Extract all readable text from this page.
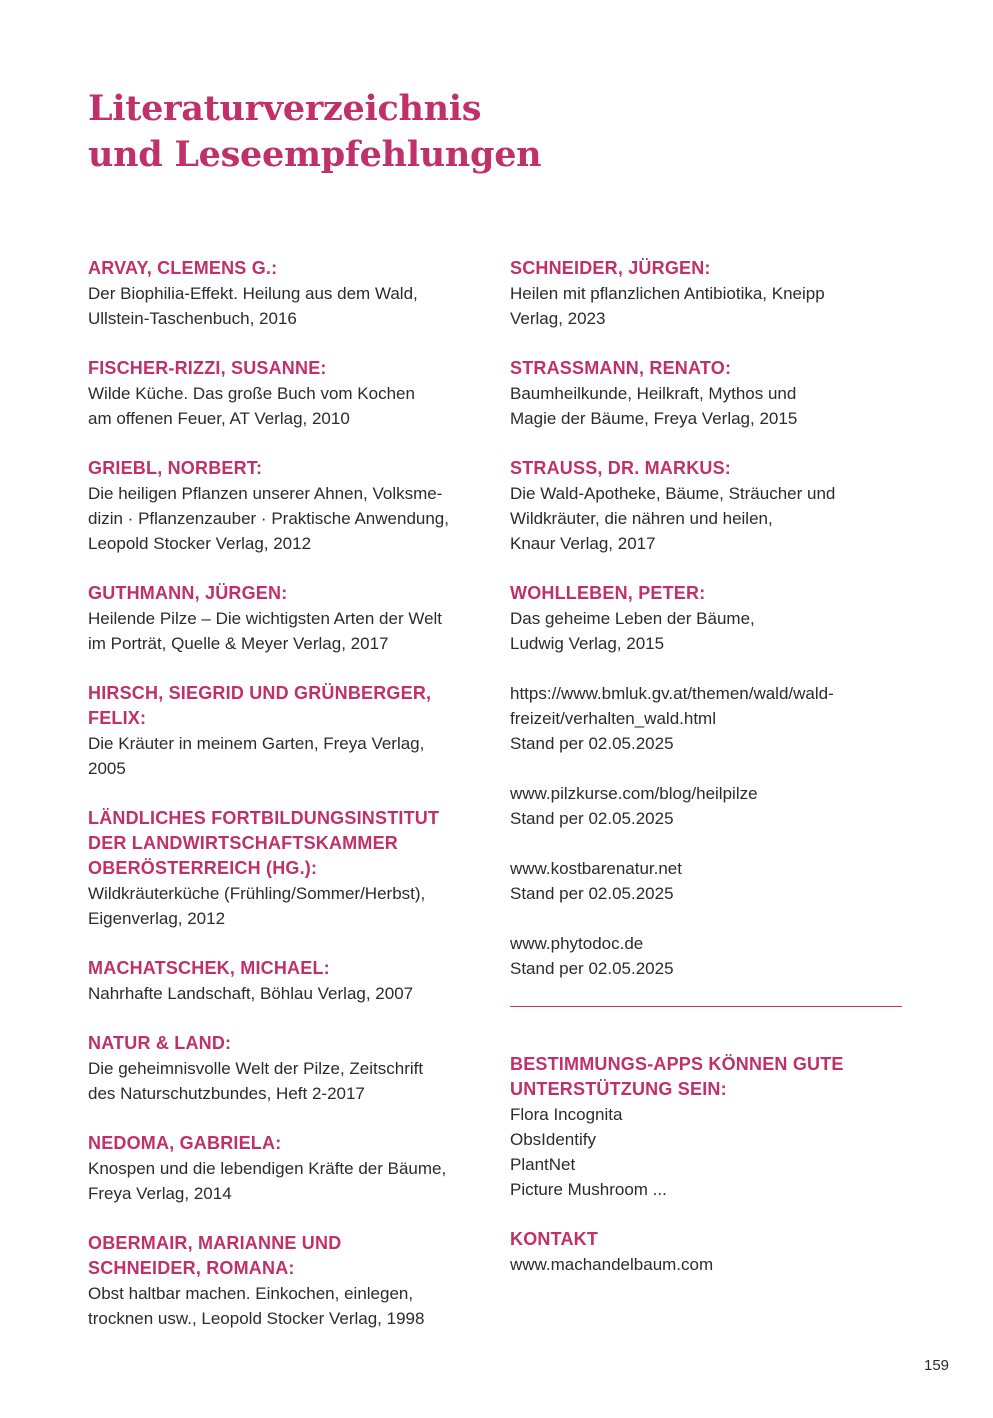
Literaturverzeichnis
und Leseempfehlungen
ARVAY, CLEMENS G.:
Der Biophilia-Effekt. Heilung aus dem Wald,
Ullstein-Taschenbuch, 2016
FISCHER-RIZZI, SUSANNE:
Wilde Küche. Das große Buch vom Kochen
am offenen Feuer, AT Verlag, 2010
GRIEBL, NORBERT:
Die heiligen Pflanzen unserer Ahnen, Volksme-
dizin · Pflanzenzauber · Praktische Anwendung,
Leopold Stocker Verlag, 2012
GUTHMANN, JÜRGEN:
Heilende Pilze – Die wichtigsten Arten der Welt
im Porträt, Quelle & Meyer Verlag, 2017
HIRSCH, SIEGRID UND GRÜNBERGER,
FELIX:
Die Kräuter in meinem Garten, Freya Verlag,
2005
LÄNDLICHES FORTBILDUNGSINSTITUT
DER LANDWIRTSCHAFTSKAMMER
OBERÖSTERREICH (HG.):
Wildkräuterküche (Frühling/Sommer/Herbst),
Eigenverlag, 2012
MACHATSCHEK, MICHAEL:
Nahrhafte Landschaft, Böhlau Verlag, 2007
NATUR & LAND:
Die geheimnisvolle Welt der Pilze, Zeitschrift
des Naturschutzbundes, Heft 2-2017
NEDOMA, GABRIELA:
Knospen und die lebendigen Kräfte der Bäume,
Freya Verlag, 2014
OBERMAIR, MARIANNE UND
SCHNEIDER, ROMANA:
Obst haltbar machen. Einkochen, einlegen,
trocknen usw., Leopold Stocker Verlag, 1998
SCHNEIDER, JÜRGEN:
Heilen mit pflanzlichen Antibiotika, Kneipp
Verlag, 2023
STRASSMANN, RENATO:
Baumheilkunde, Heilkraft, Mythos und
Magie der Bäume, Freya Verlag, 2015
STRAUSS, DR. MARKUS:
Die Wald-Apotheke, Bäume, Sträucher und
Wildkräuter, die nähren und heilen,
Knaur Verlag, 2017
WOHLLEBEN, PETER:
Das geheime Leben der Bäume,
Ludwig Verlag, 2015
https://www.bmluk.gv.at/themen/wald/wald-
freizeit/verhalten_wald.html
Stand per 02.05.2025
www.pilzkurse.com/blog/heilpilze
Stand per 02.05.2025
www.kostbarenatur.net
Stand per 02.05.2025
www.phytodoc.de
Stand per 02.05.2025
BESTIMMUNGS-APPS KÖNNEN GUTE
UNTERSTÜTZUNG SEIN:
Flora Incognita
ObsIdentify
PlantNet
Picture Mushroom ...
KONTAKT
www.machandelbaum.com
159
